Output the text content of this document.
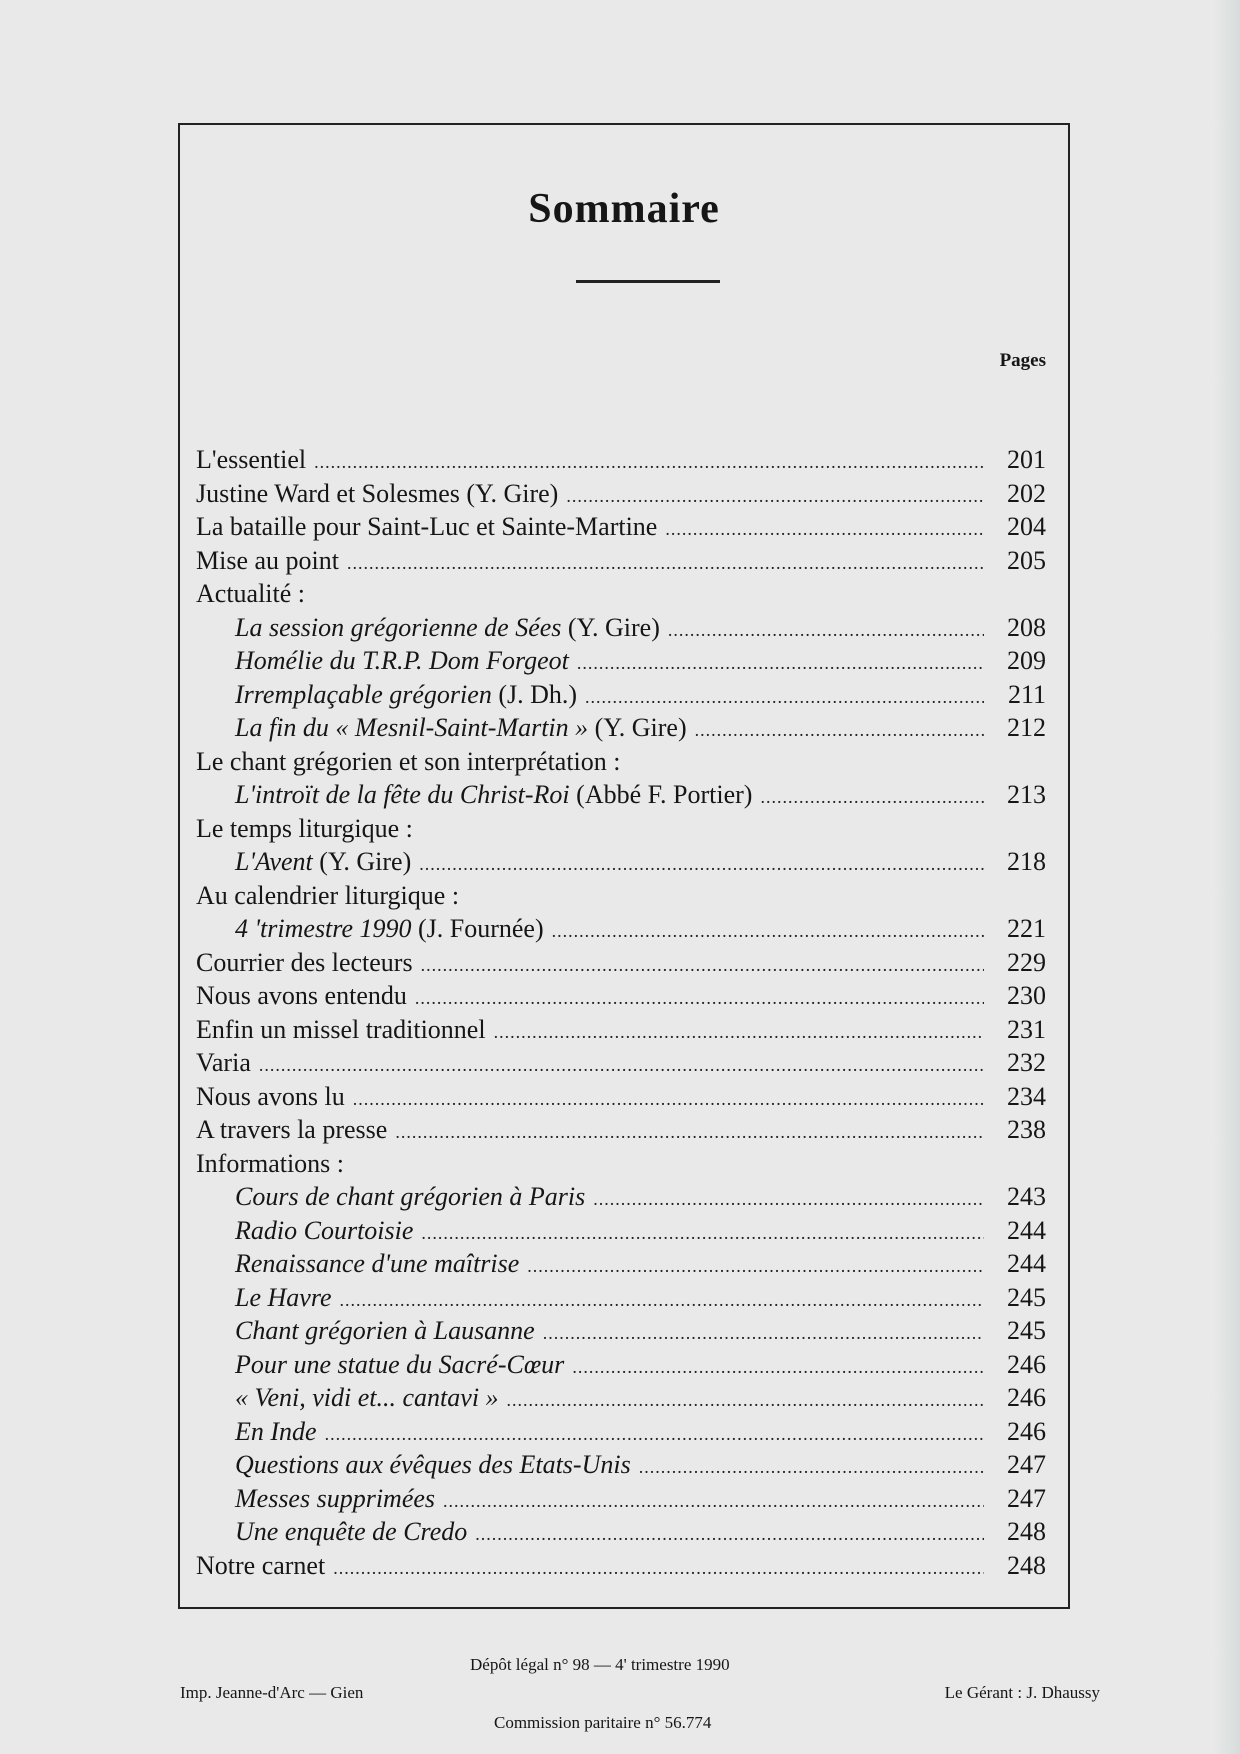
Sommaire
Pages
L'essentiel .....	201
Justine Ward et Solesmes (Y. Gire) .....	202
La bataille pour Saint-Luc et Sainte-Martine .....	204
Mise au point .....	205
Actualité :
La session grégorienne de Sées (Y. Gire) .....	208
Homélie du T.R.P. Dom Forgeot .....	209
Irremplaçable grégorien (J. Dh.) .....	211
La fin du « Mesnil-Saint-Martin » (Y. Gire) .....	212
Le chant grégorien et son interprétation :
L'introït de la fête du Christ-Roi (Abbé F. Portier) .....	213
Le temps liturgique :
L'Avent (Y. Gire) .....	218
Au calendrier liturgique :
4 'trimestre 1990 (J. Fournée) .....	221
Courrier des lecteurs .....	229
Nous avons entendu .....	230
Enfin un missel traditionnel .....	231
Varia .....	232
Nous avons lu .....	234
A travers la presse .....	238
Informations :
Cours de chant grégorien à Paris .....	243
Radio Courtoisie .....	244
Renaissance d'une maîtrise .....	244
Le Havre .....	245
Chant grégorien à Lausanne .....	245
Pour une statue du Sacré-Cœur .....	246
« Veni, vidi et... cantavi » .....	246
En Inde .....	246
Questions aux évêques des Etats-Unis .....	247
Messes supprimées .....	247
Une enquête de Credo .....	248
Notre carnet .....	248
Dépôt légal n° 98 — 4' trimestre 1990
Imp. Jeanne-d'Arc — Gien	Le Gérant : J. Dhaussy
Commission paritaire n° 56.774
